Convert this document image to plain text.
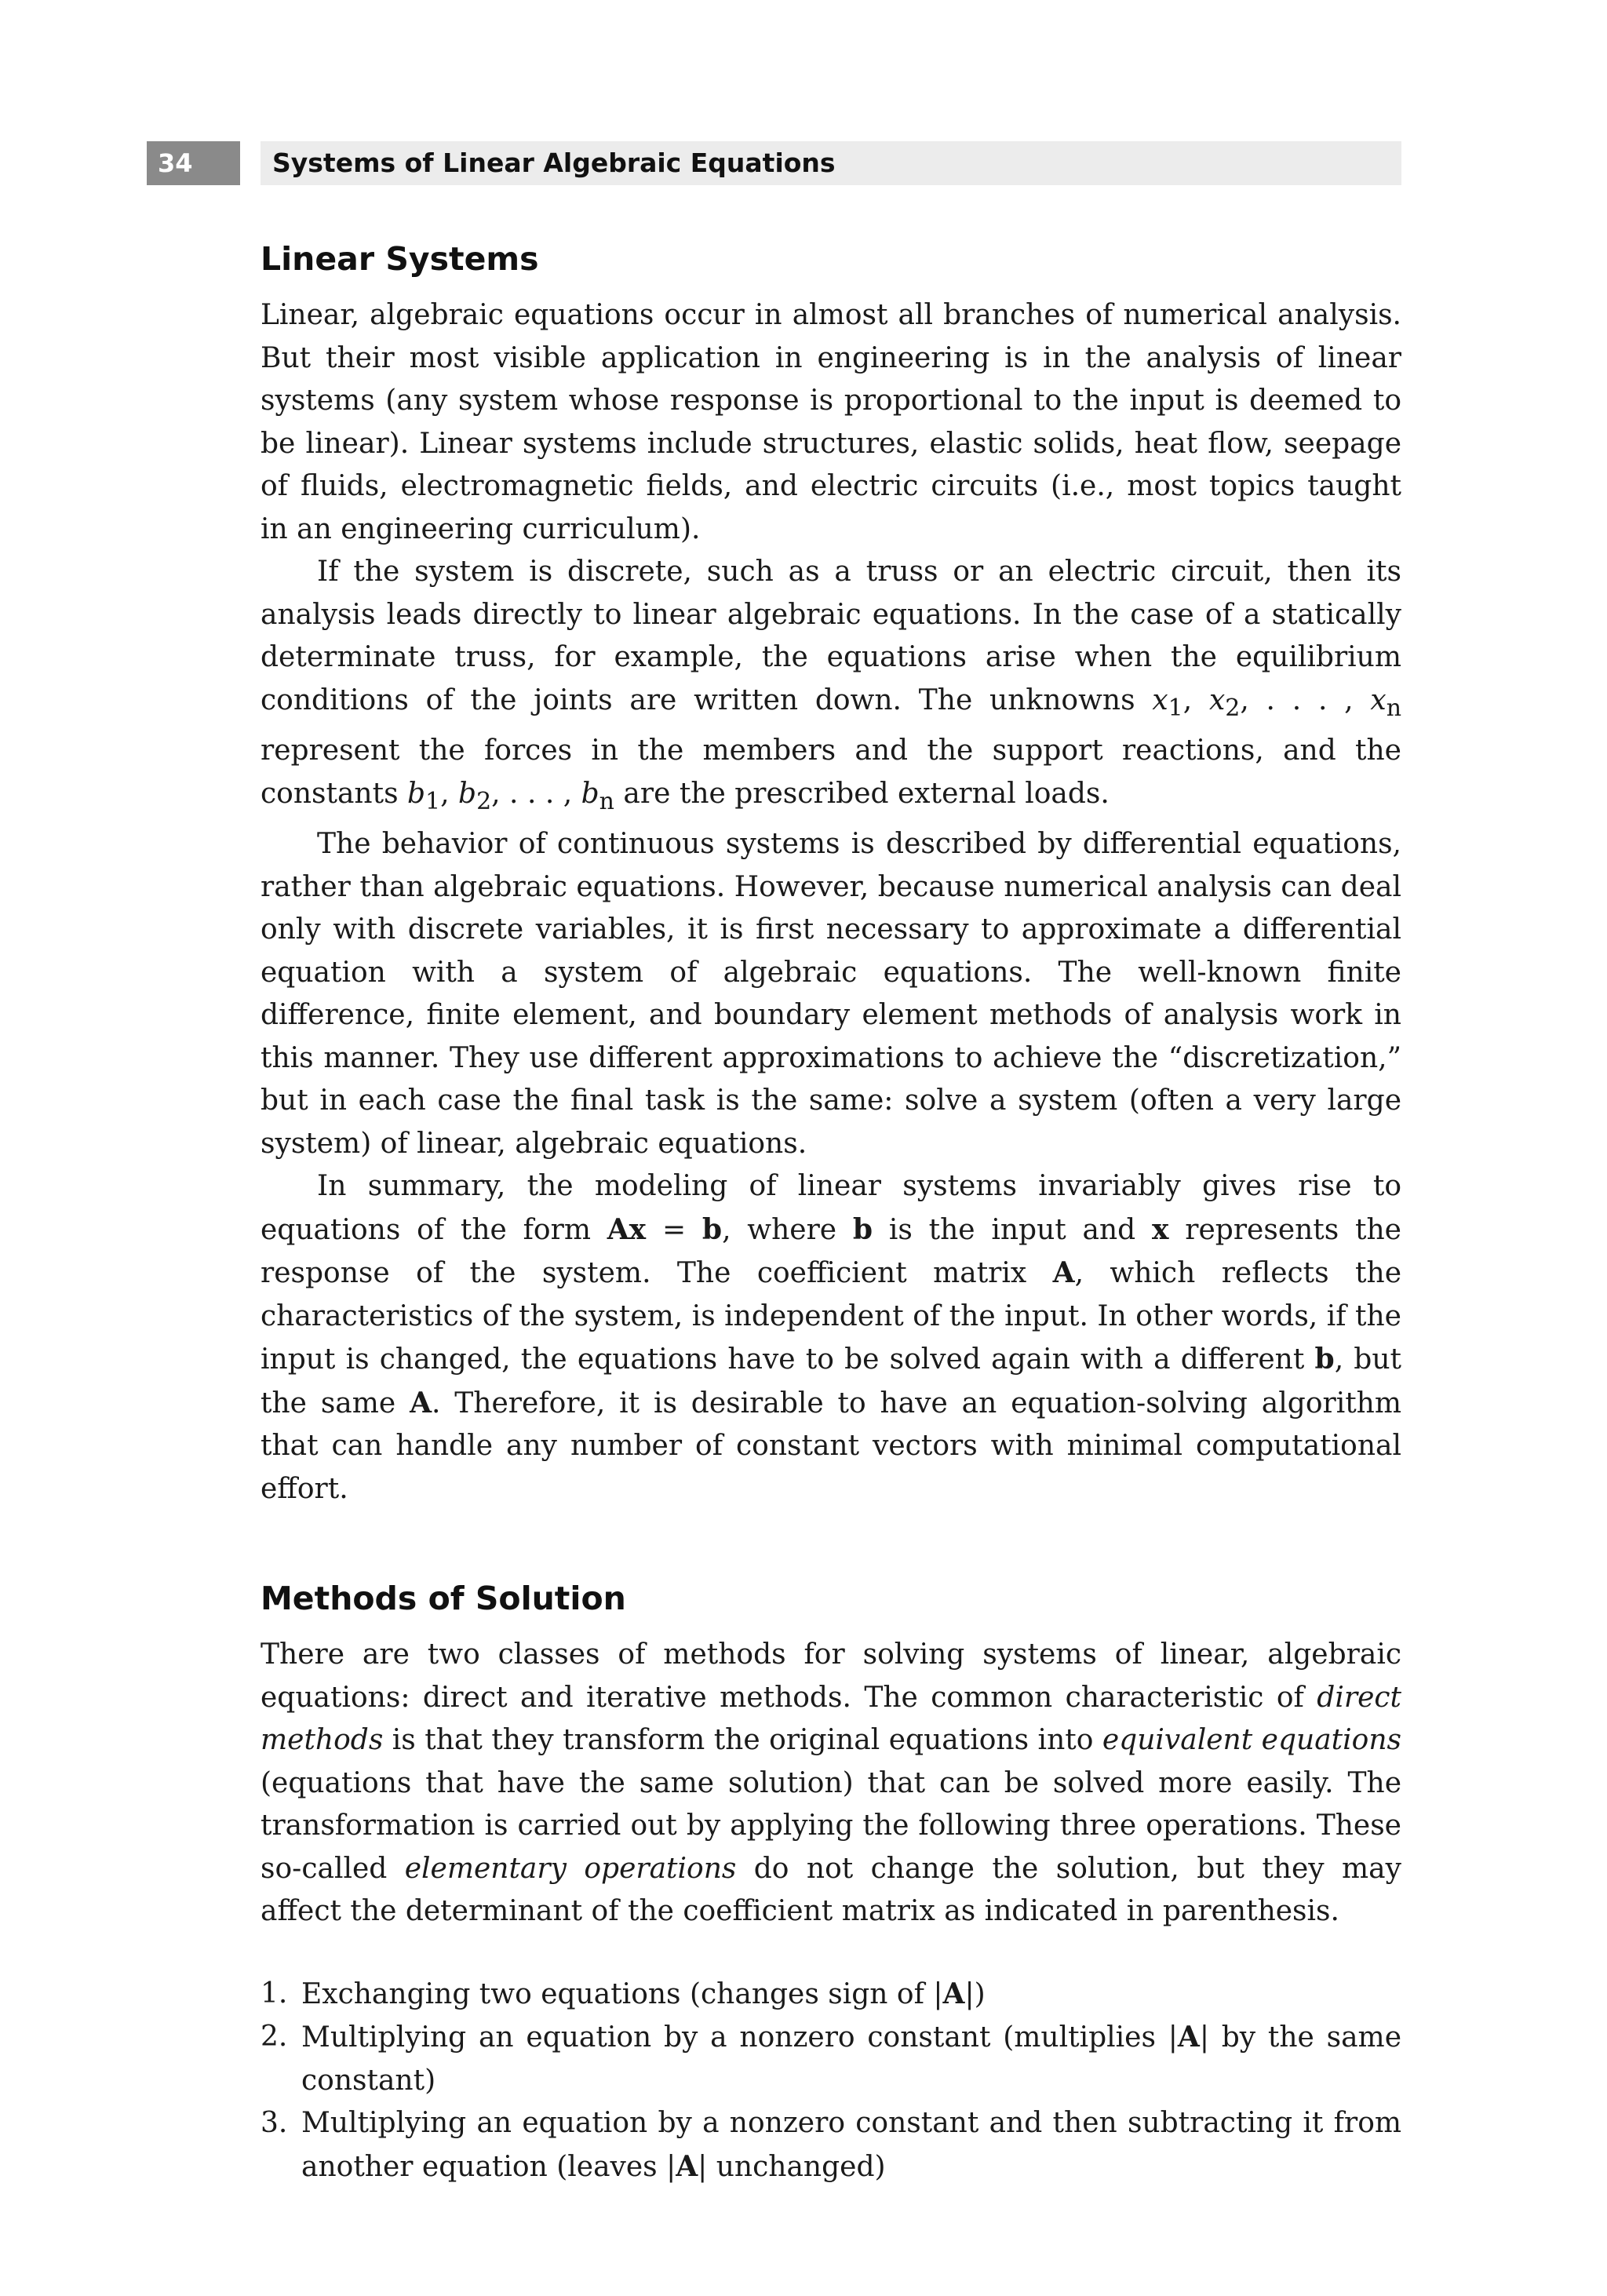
34	Systems of Linear Algebraic Equations
Linear Systems

Linear, algebraic equations occur in almost all branches of numerical analysis. But their most visible application in engineering is in the analysis of linear systems (any system whose response is proportional to the input is deemed to be linear). Linear systems include structures, elastic solids, heat flow, seepage of fluids, electromagnetic fields, and electric circuits (i.e., most topics taught in an engineering curriculum).

If the system is discrete, such as a truss or an electric circuit, then its analysis leads directly to linear algebraic equations. In the case of a statically determinate truss, for example, the equations arise when the equilibrium conditions of the joints are written down. The unknowns $x_1$, $x_2$, . . . , $x_n$ represent the forces in the members and the support reactions, and the constants $b_1$, $b_2$, . . . , $b_n$ are the prescribed external loads.

The behavior of continuous systems is described by differential equations, rather than algebraic equations. However, because numerical analysis can deal only with discrete variables, it is first necessary to approximate a differential equation with a system of algebraic equations. The well-known finite difference, finite element, and boundary element methods of analysis work in this manner. They use different approximations to achieve the “discretization,” but in each case the final task is the same: solve a system (often a very large system) of linear, algebraic equations.

In summary, the modeling of linear systems invariably gives rise to equations of the form Ax = b, where b is the input and x represents the response of the system. The coefficient matrix A, which reflects the characteristics of the system, is independent of the input. In other words, if the input is changed, the equations have to be solved again with a different b, but the same A. Therefore, it is desirable to have an equation-solving algorithm that can handle any number of constant vectors with minimal computational effort.

Methods of Solution

There are two classes of methods for solving systems of linear, algebraic equations: direct and iterative methods. The common characteristic of direct methods is that they transform the original equations into equivalent equations (equations that have the same solution) that can be solved more easily. The transformation is carried out by applying the following three operations. These so-called elementary operations do not change the solution, but they may affect the determinant of the coefficient matrix as indicated in parenthesis.

1. Exchanging two equations (changes sign of |A|)
2. Multiplying an equation by a nonzero constant (multiplies |A| by the same constant)
3. Multiplying an equation by a nonzero constant and then subtracting it from another equation (leaves |A| unchanged)
